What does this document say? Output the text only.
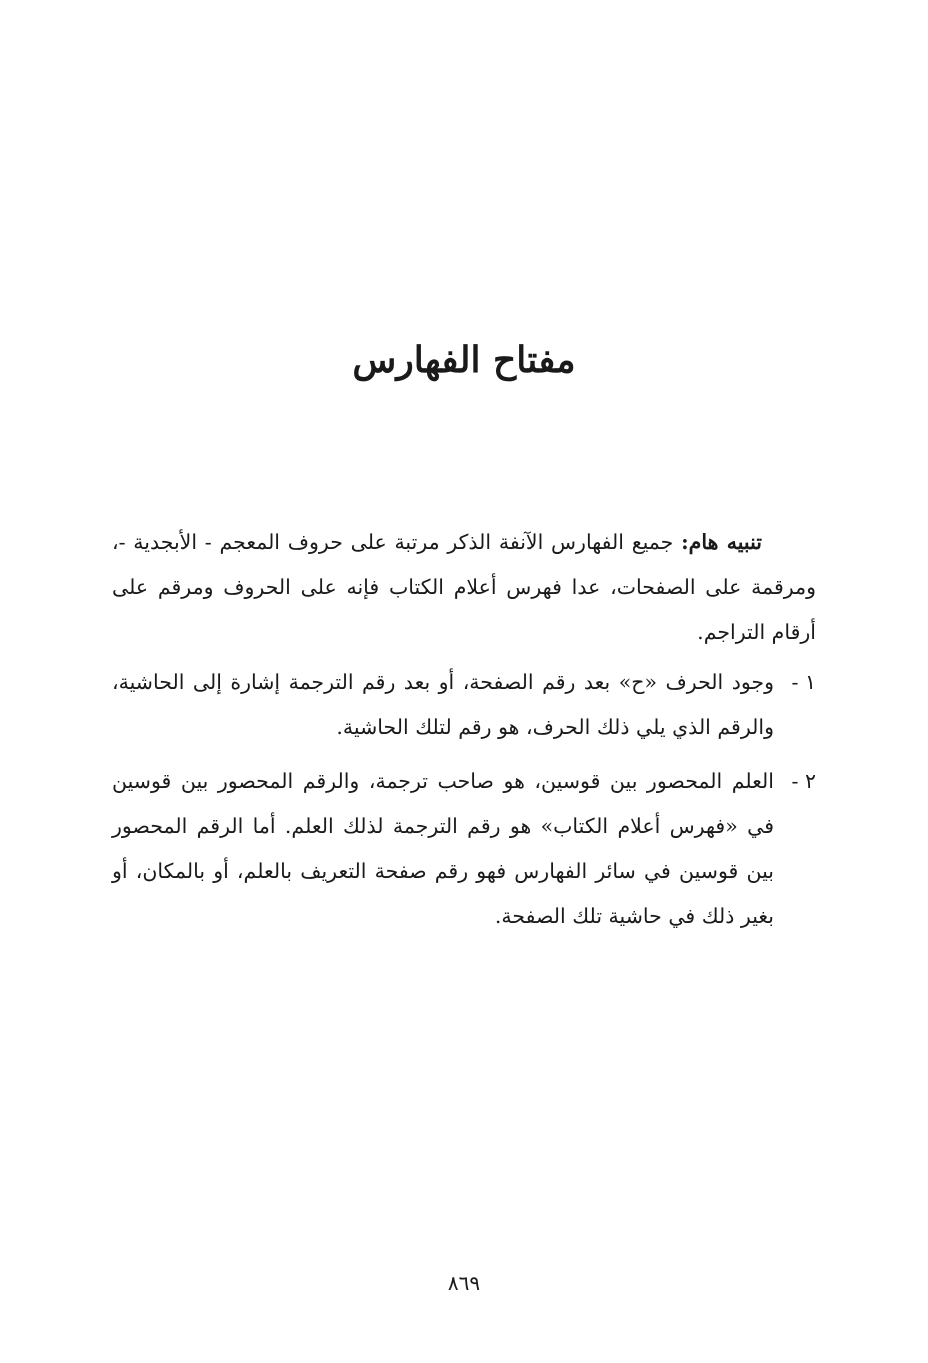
مفتاح الفهارس

تنبيه هام: جميع الفهارس الآنفة الذكر مرتبة على حروف المعجم - الأبجدية -، ومرقمة على الصفحات، عدا فهرس أعلام الكتاب فإنه على الحروف ومرقم على أرقام التراجم.

١ -
وجود الحرف «ح» بعد رقم الصفحة، أو بعد رقم الترجمة إشارة إلى الحاشية، والرقم الذي يلي ذلك الحرف، هو رقم لتلك الحاشية.
٢ -
العلم المحصور بين قوسين، هو صاحب ترجمة، والرقم المحصور بين قوسين في «فهرس أعلام الكتاب» هو رقم الترجمة لذلك العلم. أما الرقم المحصور بين قوسين في سائر الفهارس فهو رقم صفحة التعريف بالعلم، أو بالمكان، أو بغير ذلك في حاشية تلك الصفحة.
٨٦٩
